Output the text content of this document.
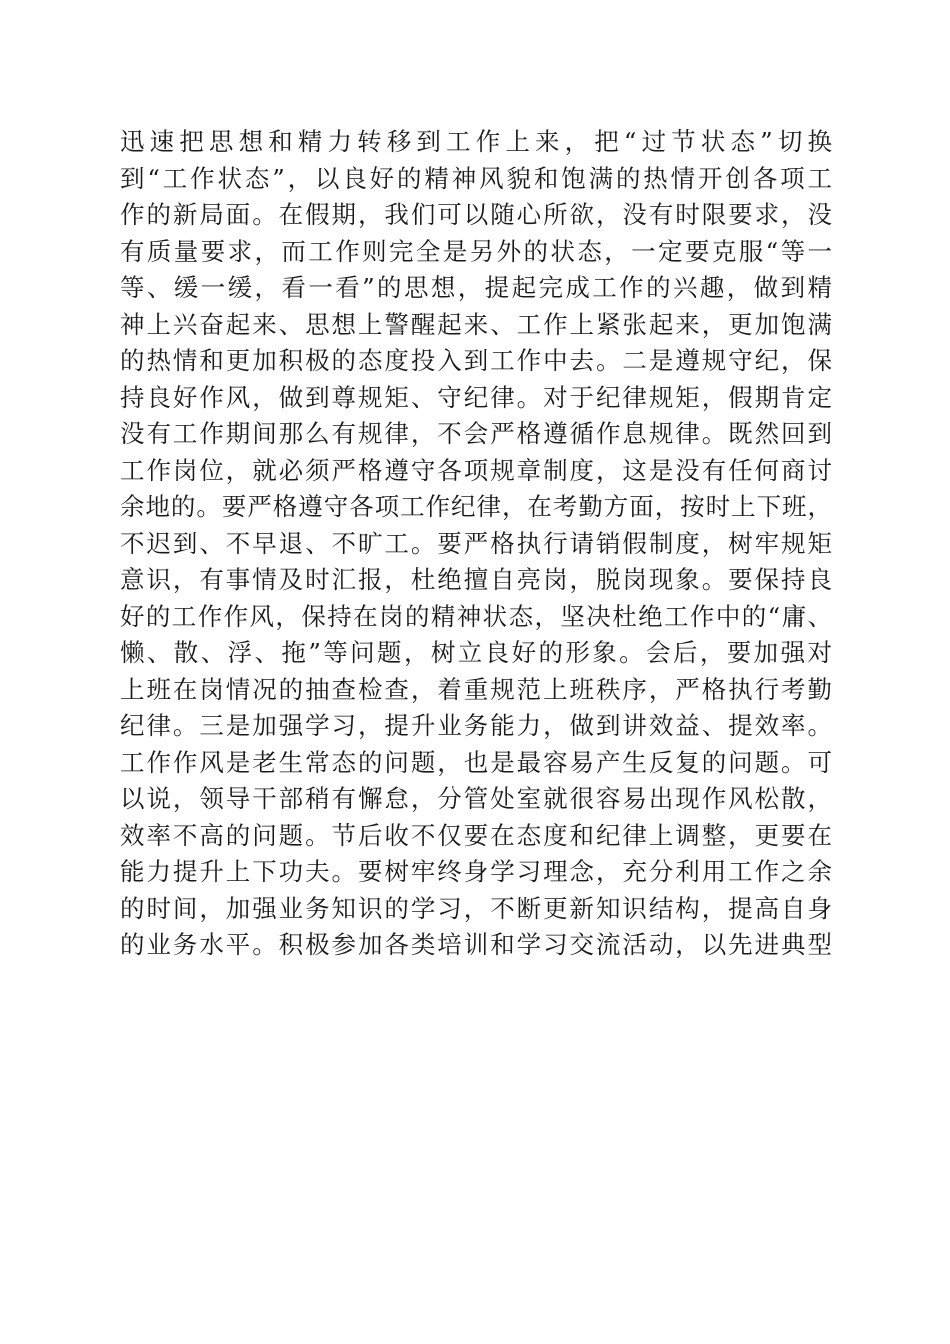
迅速把思想和精力转移到工作上来，把“过节状态”切换
到“工作状态”，以良好的精神风貌和饱满的热情开创各项工
作的新局面。在假期，我们可以随心所欲，没有时限要求，没
有质量要求，而工作则完全是另外的状态，一定要克服“等一
等、缓一缓，看一看”的思想，提起完成工作的兴趣，做到精
神上兴奋起来、思想上警醒起来、工作上紧张起来，更加饱满
的热情和更加积极的态度投入到工作中去。二是遵规守纪，保
持良好作风，做到尊规矩、守纪律。对于纪律规矩，假期肯定
没有工作期间那么有规律，不会严格遵循作息规律。既然回到
工作岗位，就必须严格遵守各项规章制度，这是没有任何商讨
余地的。要严格遵守各项工作纪律，在考勤方面，按时上下班，
不迟到、不早退、不旷工。要严格执行请销假制度，树牢规矩
意识，有事情及时汇报，杜绝擅自亮岗，脱岗现象。要保持良
好的工作作风，保持在岗的精神状态，坚决杜绝工作中的“庸、
懒、散、浮、拖”等问题，树立良好的形象。会后，要加强对
上班在岗情况的抽查检查，着重规范上班秩序，严格执行考勤
纪律。三是加强学习，提升业务能力，做到讲效益、提效率。
工作作风是老生常态的问题，也是最容易产生反复的问题。可
以说，领导干部稍有懈怠，分管处室就很容易出现作风松散，
效率不高的问题。节后收不仅要在态度和纪律上调整，更要在
能力提升上下功夫。要树牢终身学习理念，充分利用工作之余
的时间，加强业务知识的学习，不断更新知识结构，提高自身
的业务水平。积极参加各类培训和学习交流活动，以先进典型
